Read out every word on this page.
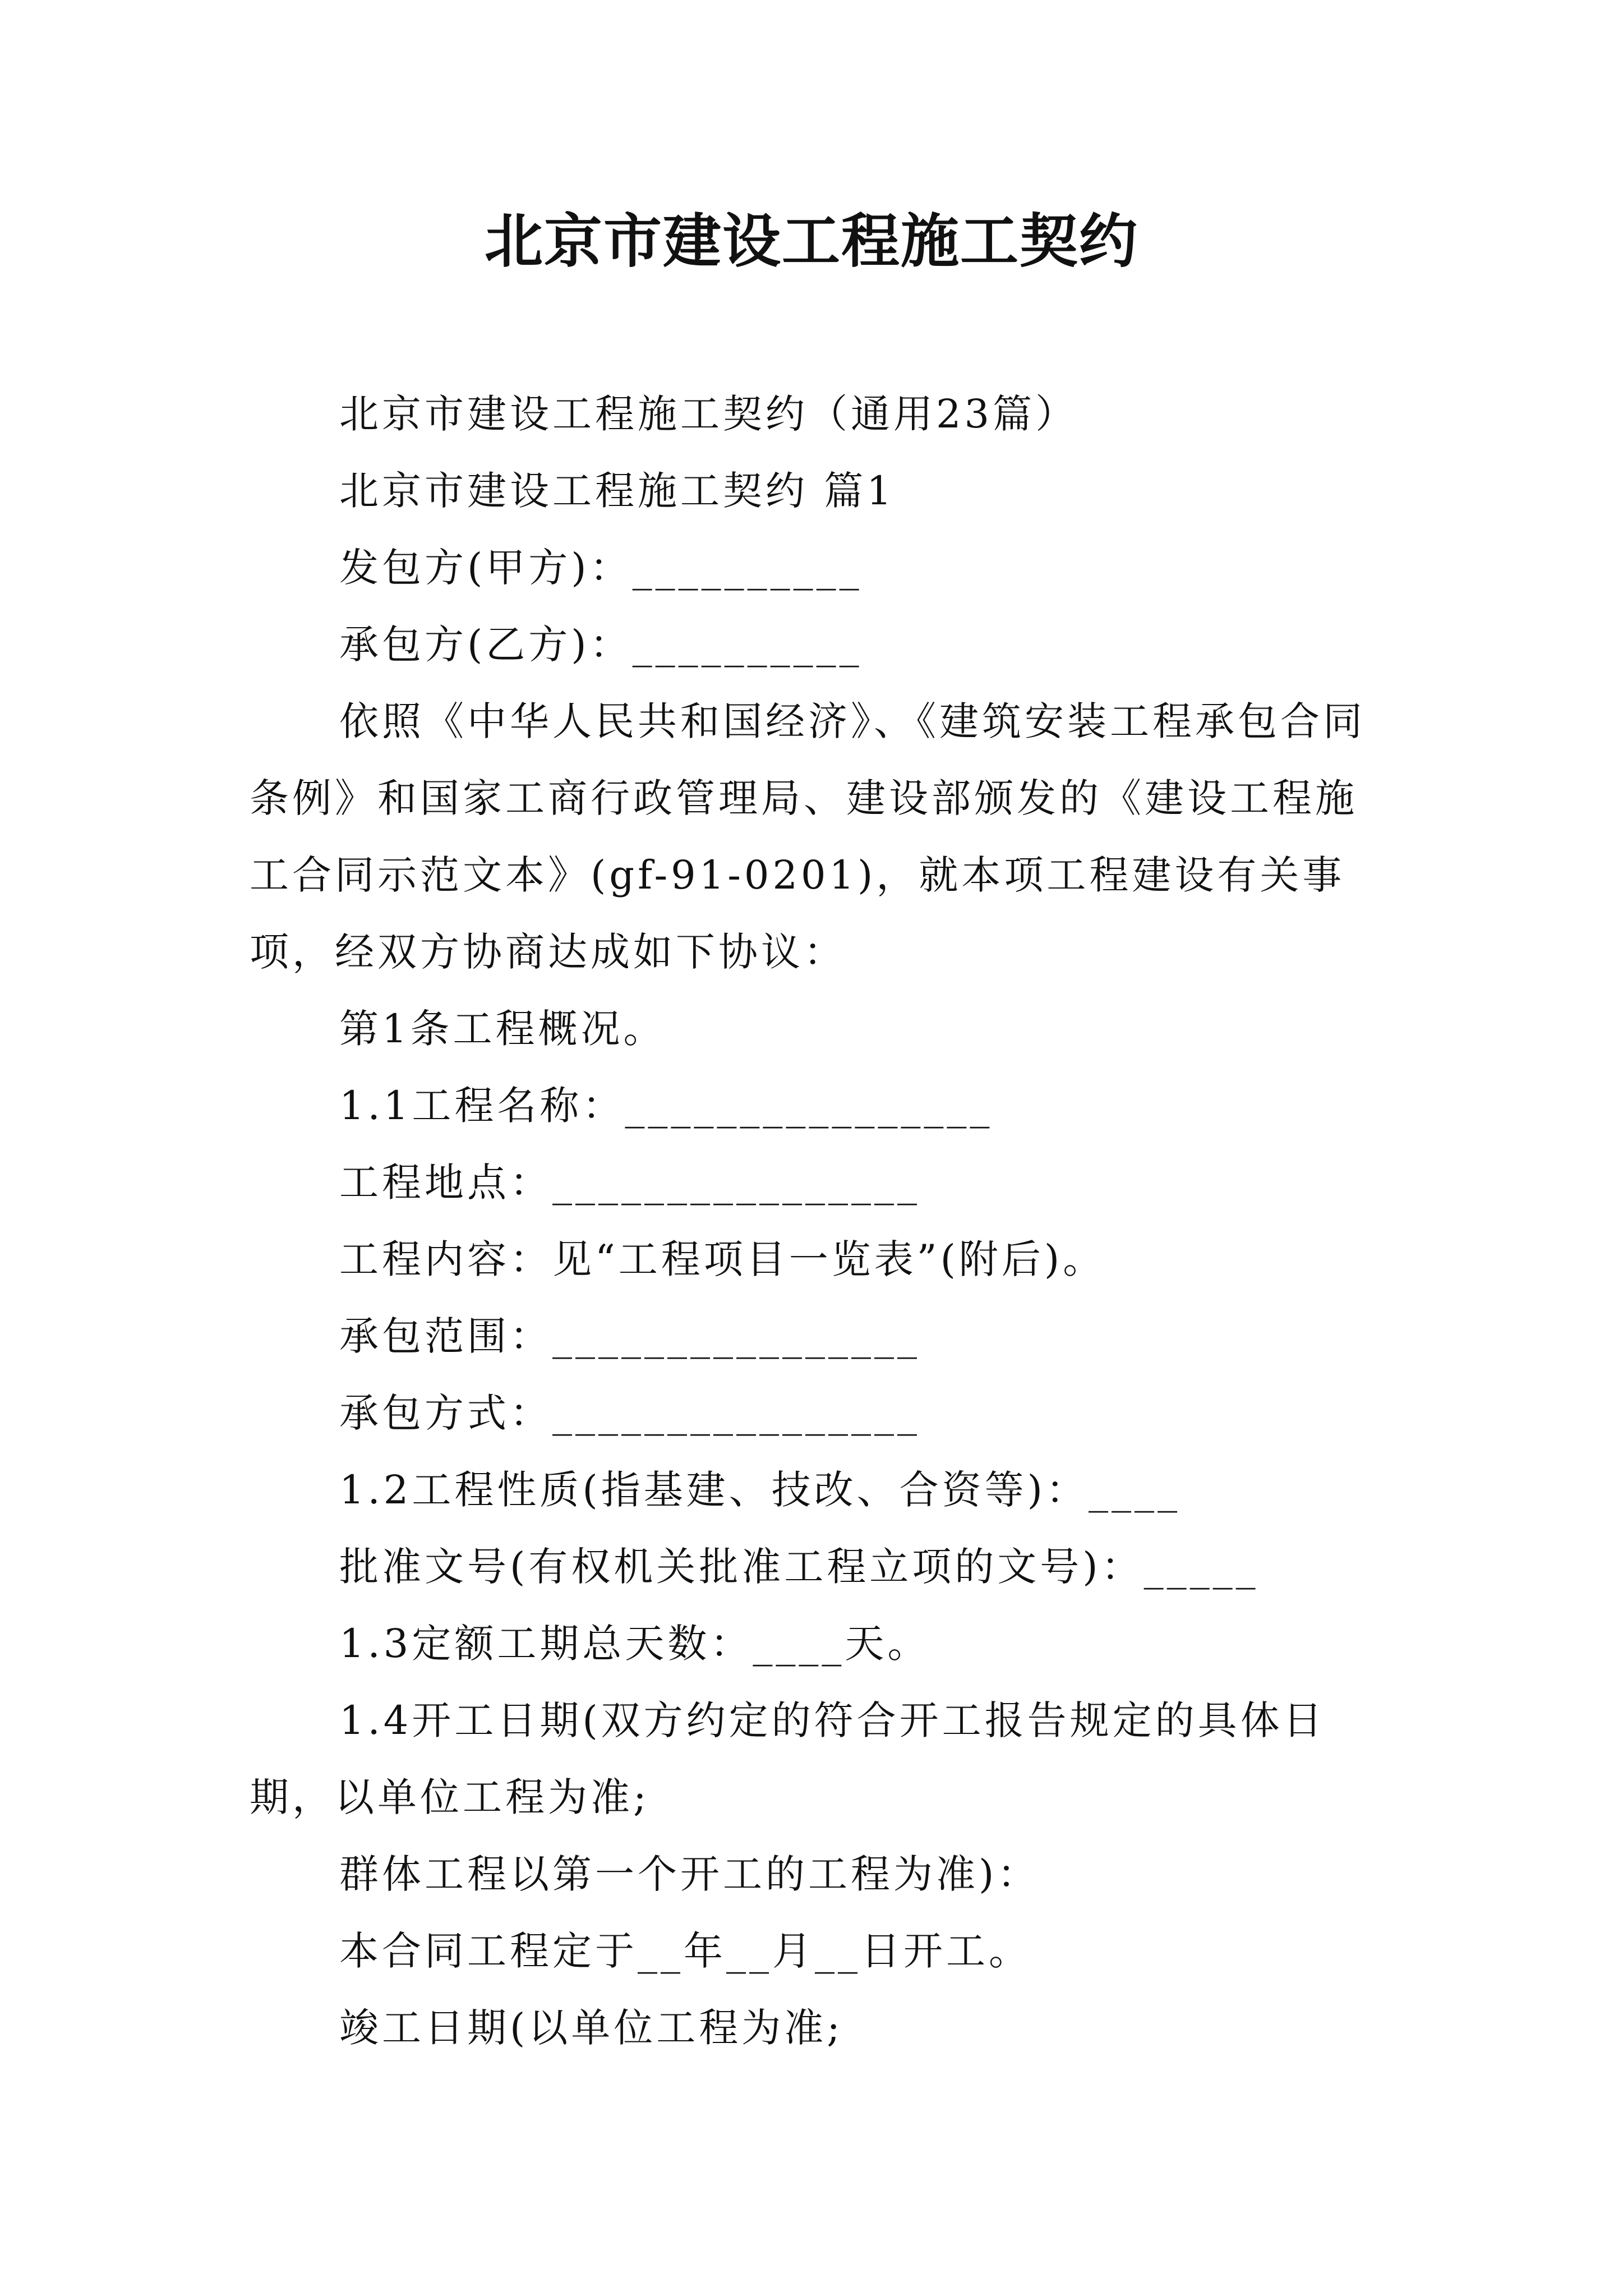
北京市建设工程施工契约

北京市建设工程施工契约（通用23篇）

北京市建设工程施工契约 篇1

发包方(甲方)：__________

承包方(乙方)：__________

依照《中华人民共和国经济》、《建筑安装工程承包合同条例》和国家工商行政管理局、建设部颁发的《建设工程施工合同示范文本》(gf-91-0201)，就本项工程建设有关事项，经双方协商达成如下协议：

第1条工程概况。

1.1工程名称：________________

工程地点：________________

工程内容：见“工程项目一览表”(附后)。

承包范围：________________

承包方式：________________

1.2工程性质(指基建、技改、合资等)：____

批准文号(有权机关批准工程立项的文号)：_____

1.3定额工期总天数：____天。

1.4开工日期(双方约定的符合开工报告规定的具体日期，以单位工程为准;

群体工程以第一个开工的工程为准)：

本合同工程定于__年__月__日开工。

竣工日期(以单位工程为准;
